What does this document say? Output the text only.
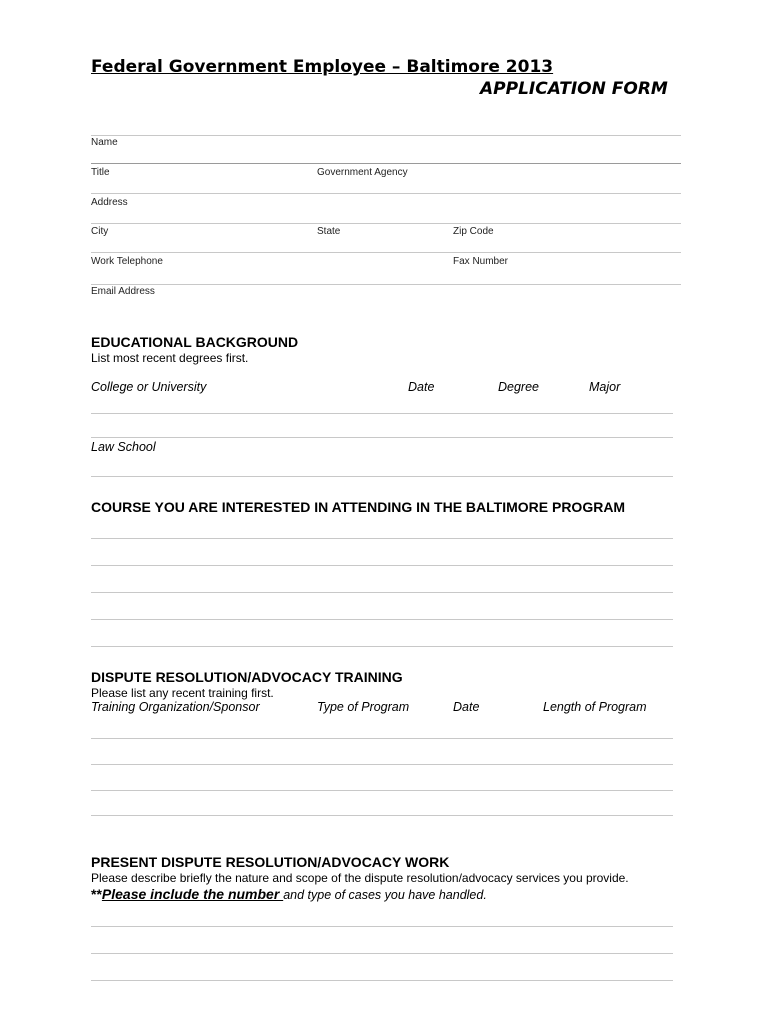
Federal Government Employee – Baltimore 2013
APPLICATION FORM
Name
Title	Government Agency
Address
City	State	Zip Code
Work Telephone	Fax Number
Email Address
EDUCATIONAL BACKGROUND
List most recent degrees first.
College or University	Date	Degree	Major
Law School
COURSE YOU ARE INTERESTED IN ATTENDING IN THE BALTIMORE PROGRAM
DISPUTE RESOLUTION/ADVOCACY TRAINING
Please list any recent training first.
Training Organization/Sponsor	Type of Program	Date	Length of Program
PRESENT DISPUTE RESOLUTION/ADVOCACY WORK
Please describe briefly the nature and scope of the dispute resolution/advocacy services you provide.
**Please include the number and type of cases you have handled.
